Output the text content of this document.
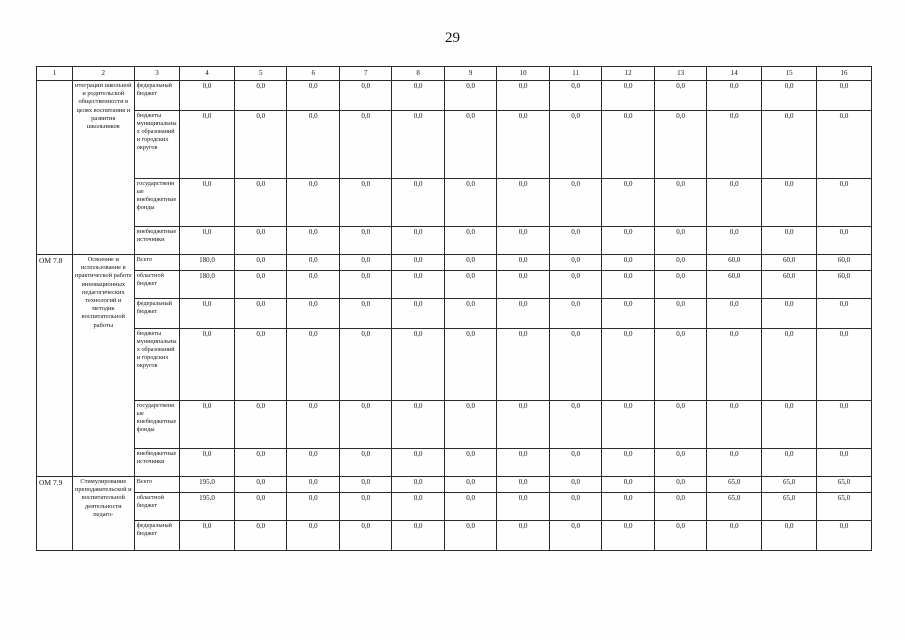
29
1	2	3	4	5	6	7	8	9	10	11	12	13	14	15	16
	нтеграции школьной и родительской общественности в целях воспитания и развития школьников	федеральный бюджет	0,0	0,0	0,0	0,0	0,0	0,0	0,0	0,0	0,0	0,0	0,0	0,0	0,0
		бюджеты муниципальных образований и городских округов	0,0	0,0	0,0	0,0	0,0	0,0	0,0	0,0	0,0	0,0	0,0	0,0	0,0
		государственные внебюджетные фонды	0,0	0,0	0,0	0,0	0,0	0,0	0,0	0,0	0,0	0,0	0,0	0,0	0,0
		внебюджетные источники	0,0	0,0	0,0	0,0	0,0	0,0	0,0	0,0	0,0	0,0	0,0	0,0	0,0
ОМ 7.8	Освоение и использование в практической работе инновационных педагогических технологий и методик воспитательной работы	Всего	180,0	0,0	0,0	0,0	0,0	0,0	0,0	0,0	0,0	0,0	60,0	60,0	60,0
		областной бюджет	180,0	0,0	0,0	0,0	0,0	0,0	0,0	0,0	0,0	0,0	60,0	60,0	60,0
		федеральный бюджет	0,0	0,0	0,0	0,0	0,0	0,0	0,0	0,0	0,0	0,0	0,0	0,0	0,0
		бюджеты муниципальных образований и городских округов	0,0	0,0	0,0	0,0	0,0	0,0	0,0	0,0	0,0	0,0	0,0	0,0	0,0
		государственные внебюджетные фонды	0,0	0,0	0,0	0,0	0,0	0,0	0,0	0,0	0,0	0,0	0,0	0,0	0,0
		внебюджетные источники	0,0	0,0	0,0	0,0	0,0	0,0	0,0	0,0	0,0	0,0	0,0	0,0	0,0
ОМ 7.9	Стимулирование преподавательской и воспитательной деятельности педаго-	Всего	195,0	0,0	0,0	0,0	0,0	0,0	0,0	0,0	0,0	0,0	65,0	65,0	65,0
		областной бюджет	195,0	0,0	0,0	0,0	0,0	0,0	0,0	0,0	0,0	0,0	65,0	65,0	65,0
		федеральный бюджет	0,0	0,0	0,0	0,0	0,0	0,0	0,0	0,0	0,0	0,0	0,0	0,0	0,0
